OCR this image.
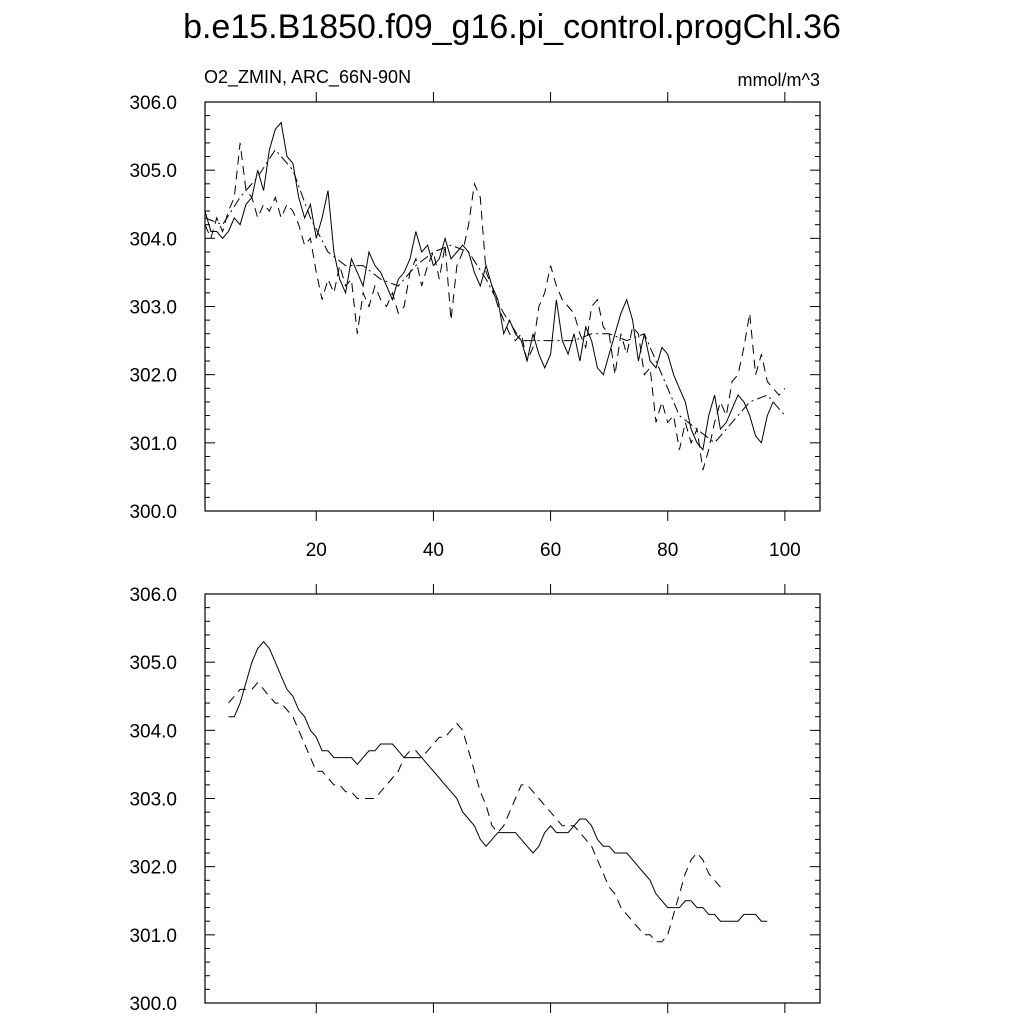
b.e15.B1850.f09_g16.pi_control.progChl.36
O2_ZMIN, ARC_66N-90N	mmol/m^3
300.0
301.0
302.0
303.0
304.0
305.0
306.0
20	40	60	80	100
300.0
301.0
302.0
303.0
304.0
305.0
306.0
